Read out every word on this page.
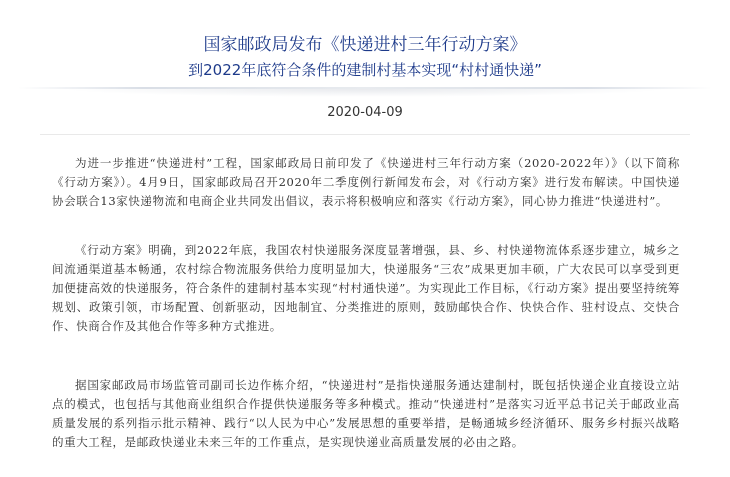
国家邮政局发布《快递进村三年行动方案》
到2022年底符合条件的建制村基本实现“村村通快递”
2020-04-09

为进一步推进“快递进村”工程，国家邮政局日前印发了《快递进村三年行动方案（2020-2022年）》（以下简称《行动方案》）。4月9日，国家邮政局召开2020年二季度例行新闻发布会，对《行动方案》进行发布解读。中国快递协会联合13家快递物流和电商企业共同发出倡议，表示将积极响应和落实《行动方案》，同心协力推进“快递进村”。

《行动方案》明确，到2022年底，我国农村快递服务深度显著增强，县、乡、村快递物流体系逐步建立，城乡之间流通渠道基本畅通，农村综合物流服务供给力度明显加大，快递服务“三农”成果更加丰硕，广大农民可以享受到更加便捷高效的快递服务，符合条件的建制村基本实现“村村通快递”。为实现此工作目标，《行动方案》提出要坚持统筹规划、政策引领，市场配置、创新驱动，因地制宜、分类推进的原则，鼓励邮快合作、快快合作、驻村设点、交快合作、快商合作及其他合作等多种方式推进。

据国家邮政局市场监管司副司长边作栋介绍，“快递进村”是指快递服务通达建制村，既包括快递企业直接设立站点的模式，也包括与其他商业组织合作提供快递服务等多种模式。推动“快递进村”是落实习近平总书记关于邮政业高质量发展的系列指示批示精神、践行“以人民为中心”发展思想的重要举措，是畅通城乡经济循环、服务乡村振兴战略的重大工程，是邮政快递业未来三年的工作重点，是实现快递业高质量发展的必由之路。
